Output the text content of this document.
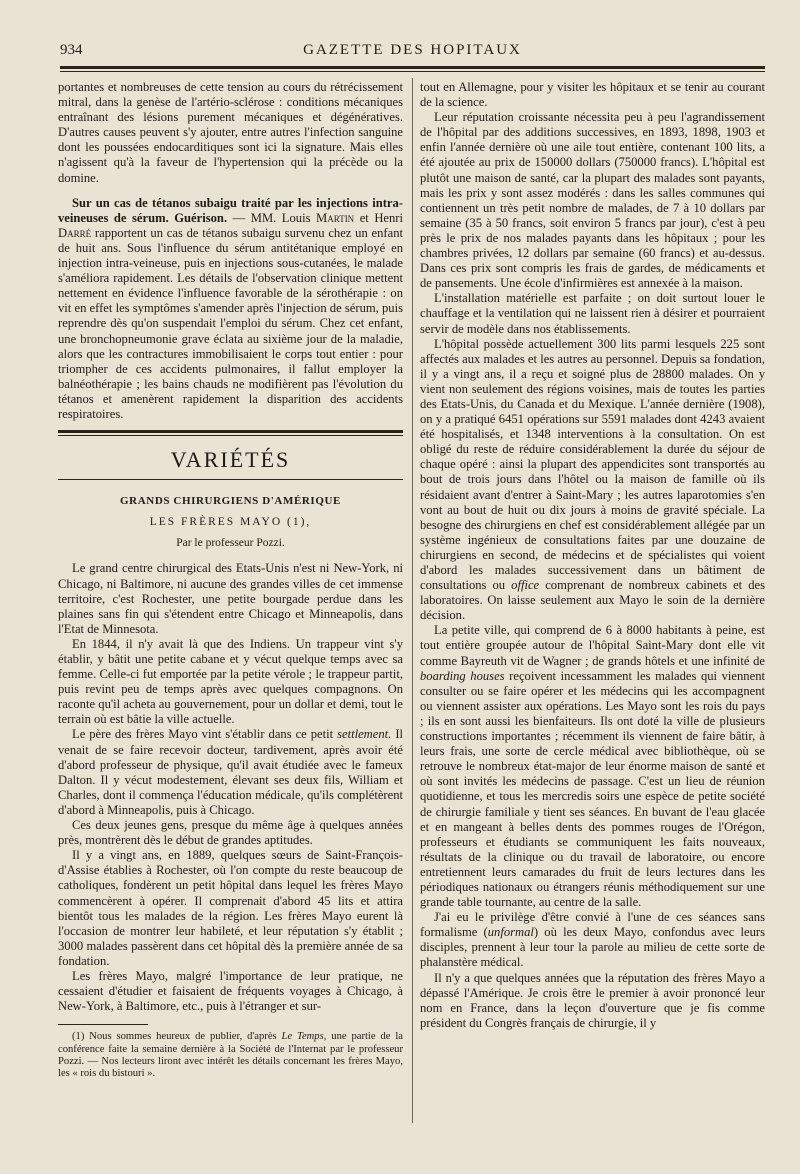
934	GAZETTE DES HOPITAUX

portantes et nombreuses de cette tension au cours du rétrécissement mitral, dans la genèse de l'artério-sclérose : conditions mécaniques entraînant des lésions purement mécaniques et dégénératives. D'autres causes peuvent s'y ajouter, entre autres l'infection sanguine dont les poussées endocarditiques sont ici la signature. Mais elles n'agissent qu'à la faveur de l'hypertension qui la précède ou la domine.

Sur un cas de tétanos subaigu traité par les injections intra-veineuses de sérum. Guérison. — MM. Louis Martin et Henri Darré rapportent un cas de tétanos subaigu survenu chez un enfant de huit ans. Sous l'influence du sérum antitétanique employé en injection intra-veineuse, puis en injections sous-cutanées, le malade s'améliora rapidement. Les détails de l'observation clinique mettent nettement en évidence l'influence favorable de la sérothérapie : on vit en effet les symptômes s'amender après l'injection de sérum, puis reprendre dès qu'on suspendait l'emploi du sérum. Chez cet enfant, une bronchopneumonie grave éclata au sixième jour de la maladie, alors que les contractures immobilisaient le corps tout entier : pour triompher de ces accidents pulmonaires, il fallut employer la balnéothérapie ; les bains chauds ne modifièrent pas l'évolution du tétanos et amenèrent rapidement la disparition des accidents respiratoires.

VARIÉTÉS
GRANDS CHIRURGIENS D'AMÉRIQUE
LES FRÈRES MAYO (1),
Par le professeur Pozzi.

Le grand centre chirurgical des Etats-Unis n'est ni New-York, ni Chicago, ni Baltimore, ni aucune des grandes villes de cet immense territoire, c'est Rochester, une petite bourgade perdue dans les plaines sans fin qui s'étendent entre Chicago et Minneapolis, dans l'Etat de Minnesota.

En 1844, il n'y avait là que des Indiens. Un trappeur vint s'y établir, y bâtit une petite cabane et y vécut quelque temps avec sa femme. Celle-ci fut emportée par la petite vérole ; le trappeur partit, puis revint peu de temps après avec quelques compagnons. On raconte qu'il acheta au gouvernement, pour un dollar et demi, tout le terrain où est bâtie la ville actuelle.

Le père des frères Mayo vint s'établir dans ce petit settlement. Il venait de se faire recevoir docteur, tardivement, après avoir été d'abord professeur de physique, qu'il avait étudiée avec le fameux Dalton. Il y vécut modestement, élevant ses deux fils, William et Charles, dont il commença l'éducation médicale, qu'ils complétèrent d'abord à Minneapolis, puis à Chicago.

Ces deux jeunes gens, presque du même âge à quelques années près, montrèrent dès le début de grandes aptitudes.

Il y a vingt ans, en 1889, quelques sœurs de Saint-François-d'Assise établies à Rochester, où l'on compte du reste beaucoup de catholiques, fondèrent un petit hôpital dans lequel les frères Mayo commencèrent à opérer. Il comprenait d'abord 45 lits et attira bientôt tous les malades de la région. Les frères Mayo eurent là l'occasion de montrer leur habileté, et leur réputation s'y établit ; 3000 malades passèrent dans cet hôpital dès la première année de sa fondation.

Les frères Mayo, malgré l'importance de leur pratique, ne cessaient d'étudier et faisaient de fréquents voyages à Chicago, à New-York, à Baltimore, etc., puis à l'étranger et sur-

(1) Nous sommes heureux de publier, d'après Le Temps, une partie de la conférence faite la semaine dernière à la Société de l'Internat par le professeur Pozzi. — Nos lecteurs liront avec intérêt les détails concernant les frères Mayo, les « rois du bistouri ».

tout en Allemagne, pour y visiter les hôpitaux et se tenir au courant de la science.

Leur réputation croissante nécessita peu à peu l'agrandissement de l'hôpital par des additions successives, en 1893, 1898, 1903 et enfin l'année dernière où une aile tout entière, contenant 100 lits, a été ajoutée au prix de 150000 dollars (750000 francs). L'hôpital est plutôt une maison de santé, car la plupart des malades sont payants, mais les prix y sont assez modérés : dans les salles communes qui contiennent un très petit nombre de malades, de 7 à 10 dollars par semaine (35 à 50 francs, soit environ 5 francs par jour), c'est à peu près le prix de nos malades payants dans les hôpitaux ; pour les chambres privées, 12 dollars par semaine (60 francs) et au-dessus. Dans ces prix sont compris les frais de gardes, de médicaments et de pansements. Une école d'infirmières est annexée à la maison.

L'installation matérielle est parfaite ; on doit surtout louer le chauffage et la ventilation qui ne laissent rien à désirer et pourraient servir de modèle dans nos établissements.

L'hôpital possède actuellement 300 lits parmi lesquels 225 sont affectés aux malades et les autres au personnel. Depuis sa fondation, il y a vingt ans, il a reçu et soigné plus de 28800 malades. On y vient non seulement des régions voisines, mais de toutes les parties des Etats-Unis, du Canada et du Mexique. L'année dernière (1908), on y a pratiqué 6451 opérations sur 5591 malades dont 4243 avaient été hospitalisés, et 1348 interventions à la consultation. On est obligé du reste de réduire considérablement la durée du séjour de chaque opéré : ainsi la plupart des appendicites sont transportés au bout de trois jours dans l'hôtel ou la maison de famille où ils résidaient avant d'entrer à Saint-Mary ; les autres laparotomies s'en vont au bout de huit ou dix jours à moins de gravité spéciale. La besogne des chirurgiens en chef est considérablement allégée par un système ingénieux de consultations faites par une douzaine de chirurgiens en second, de médecins et de spécialistes qui voient d'abord les malades successivement dans un bâtiment de consultations ou office comprenant de nombreux cabinets et des laboratoires. On laisse seulement aux Mayo le soin de la dernière décision.

La petite ville, qui comprend de 6 à 8000 habitants à peine, est tout entière groupée autour de l'hôpital Saint-Mary dont elle vit comme Bayreuth vit de Wagner ; de grands hôtels et une infinité de boarding houses reçoivent incessamment les malades qui viennent consulter ou se faire opérer et les médecins qui les accompagnent ou viennent assister aux opérations. Les Mayo sont les rois du pays ; ils en sont aussi les bienfaiteurs. Ils ont doté la ville de plusieurs constructions importantes ; récemment ils viennent de faire bâtir, à leurs frais, une sorte de cercle médical avec bibliothèque, où se retrouve le nombreux état-major de leur énorme maison de santé et où sont invités les médecins de passage. C'est un lieu de réunion quotidienne, et tous les mercredis soirs une espèce de petite société de chirurgie familiale y tient ses séances. En buvant de l'eau glacée et en mangeant à belles dents des pommes rouges de l'Orégon, professeurs et étudiants se communiquent les faits nouveaux, résultats de la clinique ou du travail de laboratoire, ou encore entretiennent leurs camarades du fruit de leurs lectures dans les périodiques nationaux ou étrangers réunis méthodiquement sur une grande table tournante, au centre de la salle.

J'ai eu le privilège d'être convié à l'une de ces séances sans formalisme (unformal) où les deux Mayo, confondus avec leurs disciples, prennent à leur tour la parole au milieu de cette sorte de phalanstère médical.

Il n'y a que quelques années que la réputation des frères Mayo a dépassé l'Amérique. Je crois être le premier à avoir prononcé leur nom en France, dans la leçon d'ouverture que je fis comme président du Congrès français de chirurgie, il y
